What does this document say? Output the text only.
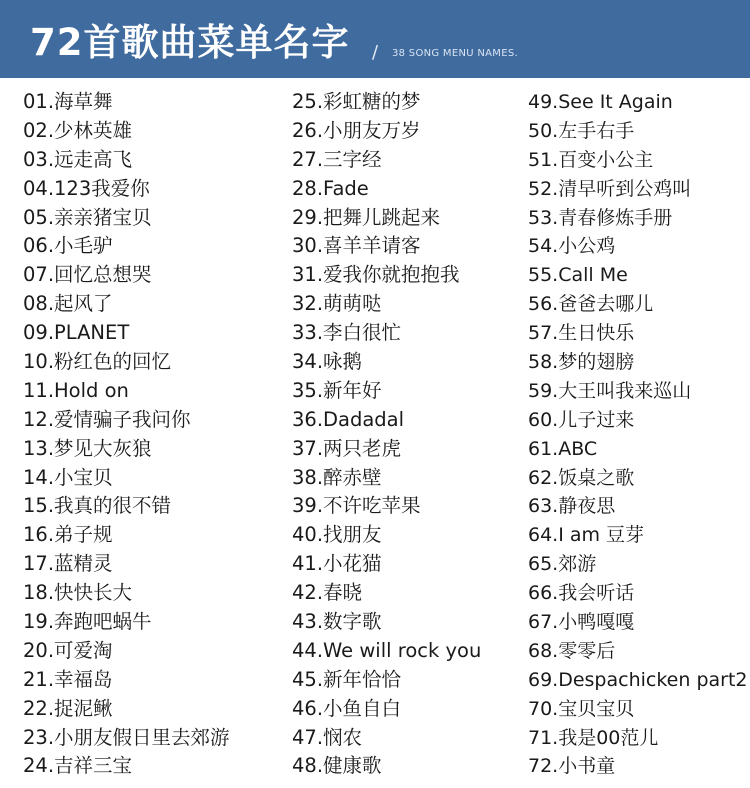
72首歌曲菜单名字 / 38 SONG MENU NAMES.
01.海草舞
02.少林英雄
03.远走高飞
04.123我爱你
05.亲亲猪宝贝
06.小毛驴
07.回忆总想哭
08.起风了
09.PLANET
10.粉红色的回忆
11.Hold on
12.爱情骗子我问你
13.梦见大灰狼
14.小宝贝
15.我真的很不错
16.弟子规
17.蓝精灵
18.快快长大
19.奔跑吧蜗牛
20.可爱淘
21.幸福岛
22.捉泥鳅
23.小朋友假日里去郊游
24.吉祥三宝
25.彩虹糖的梦
26.小朋友万岁
27.三字经
28.Fade
29.把舞儿跳起来
30.喜羊羊请客
31.爱我你就抱抱我
32.萌萌哒
33.李白很忙
34.咏鹅
35.新年好
36.Dadadal
37.两只老虎
38.醉赤壁
39.不许吃苹果
40.找朋友
41.小花猫
42.春晓
43.数字歌
44.We will rock you
45.新年恰恰
46.小鱼自白
47.悯农
48.健康歌
49.See It Again
50.左手右手
51.百变小公主
52.清早听到公鸡叫
53.青春修炼手册
54.小公鸡
55.Call Me
56.爸爸去哪儿
57.生日快乐
58.梦的翅膀
59.大王叫我来巡山
60.儿子过来
61.ABC
62.饭桌之歌
63.静夜思
64.I am 豆芽
65.郊游
66.我会听话
67.小鸭嘎嘎
68.零零后
69.Despachicken part2
70.宝贝宝贝
71.我是00范儿
72.小书童
